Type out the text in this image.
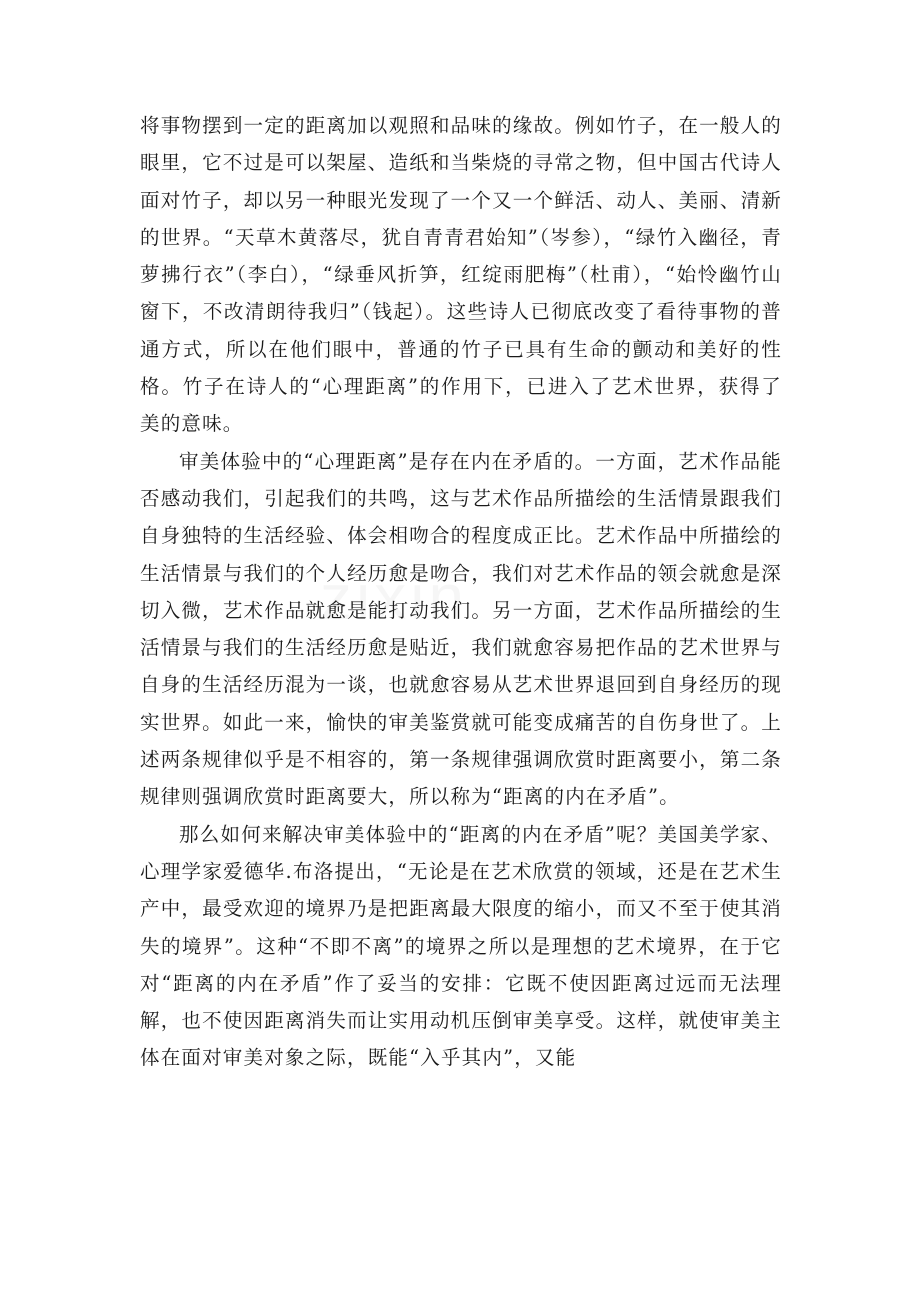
将事物摆到一定的距离加以观照和品味的缘故。例如竹子，在一般人的眼里，它不过是可以架屋、造纸和当柴烧的寻常之物，但中国古代诗人面对竹子，却以另一种眼光发现了一个又一个鲜活、动人、美丽、清新的世界。“天草木黄落尽，犹自青青君始知”（岑参），“绿竹入幽径，青萝拂行衣”（李白），“绿垂风折笋，红绽雨肥梅”（杜甫），“始怜幽竹山窗下，不改清朗待我归”（钱起）。这些诗人已彻底改变了看待事物的普通方式，所以在他们眼中，普通的竹子已具有生命的颤动和美好的性格。竹子在诗人的“心理距离”的作用下，已进入了艺术世界，获得了美的意味。

审美体验中的“心理距离”是存在内在矛盾的。一方面，艺术作品能否感动我们，引起我们的共鸣，这与艺术作品所描绘的生活情景跟我们自身独特的生活经验、体会相吻合的程度成正比。艺术作品中所描绘的生活情景与我们的个人经历愈是吻合，我们对艺术作品的领会就愈是深切入微，艺术作品就愈是能打动我们。另一方面，艺术作品所描绘的生活情景与我们的生活经历愈是贴近，我们就愈容易把作品的艺术世界与自身的生活经历混为一谈，也就愈容易从艺术世界退回到自身经历的现实世界。如此一来，愉快的审美鉴赏就可能变成痛苦的自伤身世了。上述两条规律似乎是不相容的，第一条规律强调欣赏时距离要小，第二条规律则强调欣赏时距离要大，所以称为“距离的内在矛盾”。

那么如何来解决审美体验中的“距离的内在矛盾”呢？美国美学家、心理学家爱德华.布洛提出，“无论是在艺术欣赏的领域，还是在艺术生产中，最受欢迎的境界乃是把距离最大限度的缩小，而又不至于使其消失的境界”。这种“不即不离”的境界之所以是理想的艺术境界，在于它对“距离的内在矛盾”作了妥当的安排：它既不使因距离过远而无法理解，也不使因距离消失而让实用动机压倒审美享受。这样，就使审美主体在面对审美对象之际，既能“入乎其内”，又能
